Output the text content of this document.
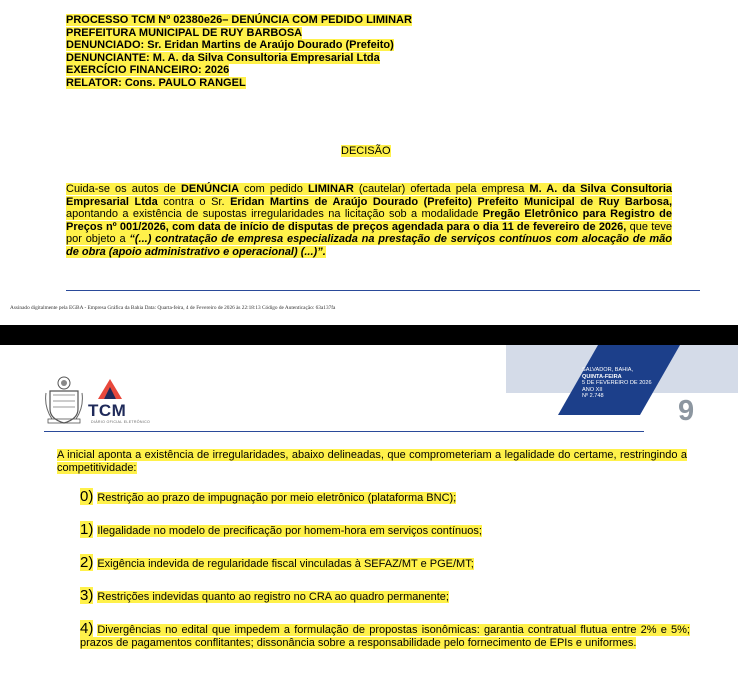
PROCESSO TCM Nº 02380e26– DENÚNCIA COM PEDIDO LIMINAR
PREFEITURA MUNICIPAL DE RUY BARBOSA
DENUNCIADO: Sr. Eridan Martins de Araújo Dourado (Prefeito)
DENUNCIANTE: M. A. da Silva Consultoria Empresarial Ltda
EXERCÍCIO FINANCEIRO: 2026
RELATOR: Cons. PAULO RANGEL
DECISÃO
Cuida-se os autos de DENÚNCIA com pedido LIMINAR (cautelar) ofertada pela empresa M. A. da Silva Consultoria Empresarial Ltda contra o Sr. Eridan Martins de Araújo Dourado (Prefeito) Prefeito Municipal de Ruy Barbosa, apontando a existência de supostas irregularidades na licitação sob a modalidade Pregão Eletrônico para Registro de Preços nº 001/2026, com data de início de disputas de preços agendada para o dia 11 de fevereiro de 2026, que teve por objeto a “(...) contratação de empresa especializada na prestação de serviços contínuos com alocação de mão de obra (apoio administrativo e operacional) (...)”.
Assinado digitalmente pela EGBA - Empresa Gráfica da Bahia Data: Quarta-feira, 4 de Fevereiro de 2026 às 22:18:13 Código de Autenticação: 63a137fa
SALVADOR, BAHIA,
QUINTA-FEIRA
5 DE FEVEREIRO DE 2026
ANO XII
Nº 2.748	9
TCM
DIÁRIO OFICIAL ELETRÔNICO
A inicial aponta a existência de irregularidades, abaixo delineadas, que comprometeriam a legalidade do certame, restringindo a competitividade:
0) Restrição ao prazo de impugnação por meio eletrônico (plataforma BNC);
1) Ilegalidade no modelo de precificação por homem-hora em serviços contínuos;
2) Exigência indevida de regularidade fiscal vinculadas à SEFAZ/MT e PGE/MT;
3) Restrições indevidas quanto ao registro no CRA ao quadro permanente;
4) Divergências no edital que impedem a formulação de propostas isonômicas: garantia contratual flutua entre 2% e 5%; prazos de pagamentos conflitantes; dissonância sobre a responsabilidade pelo fornecimento de EPIs e uniformes.
